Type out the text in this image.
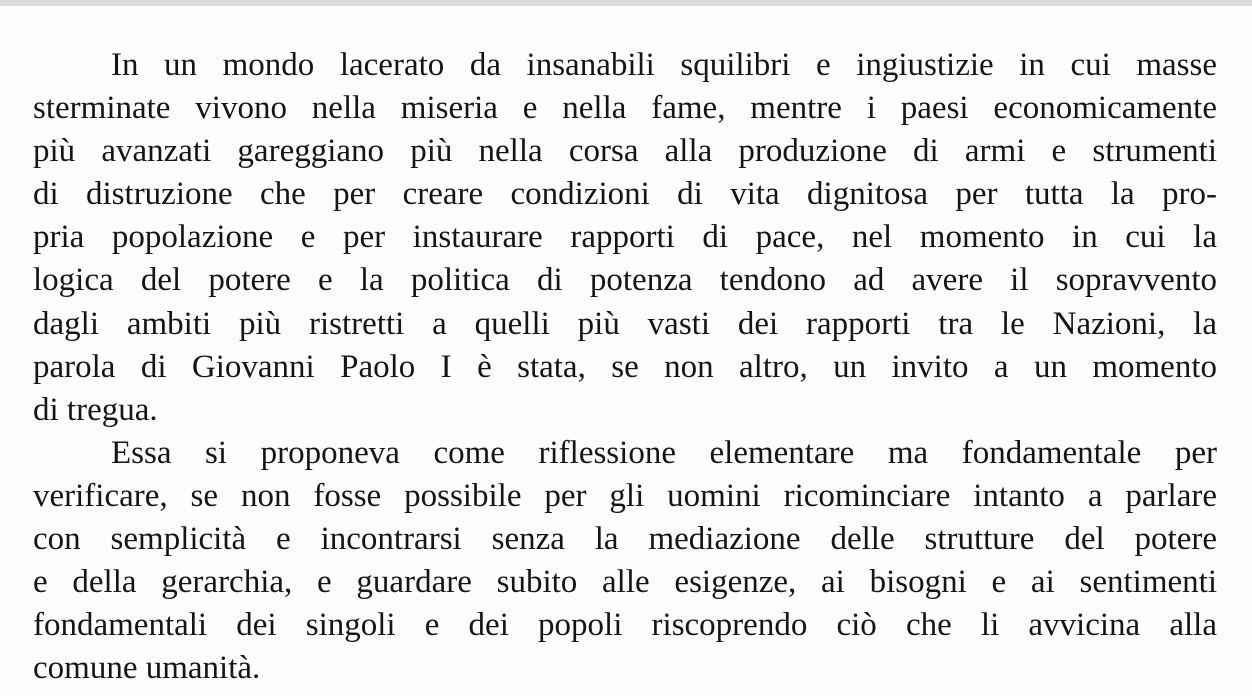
In un mondo lacerato da insanabili squilibri e ingiustizie in cui masse
sterminate vivono nella miseria e nella fame, mentre i paesi economicamente
più avanzati gareggiano più nella corsa alla produzione di armi e strumenti
di distruzione che per creare condizioni di vita dignitosa per tutta la pro-
pria popolazione e per instaurare rapporti di pace, nel momento in cui la
logica del potere e la politica di potenza tendono ad avere il sopravvento
dagli ambiti più ristretti a quelli più vasti dei rapporti tra le Nazioni, la
parola di Giovanni Paolo I è stata, se non altro, un invito a un momento
di tregua.
Essa si proponeva come riflessione elementare ma fondamentale per
verificare, se non fosse possibile per gli uomini ricominciare intanto a parlare
con semplicità e incontrarsi senza la mediazione delle strutture del potere
e della gerarchia, e guardare subito alle esigenze, ai bisogni e ai sentimenti
fondamentali dei singoli e dei popoli riscoprendo ciò che li avvicina alla
comune umanità.
